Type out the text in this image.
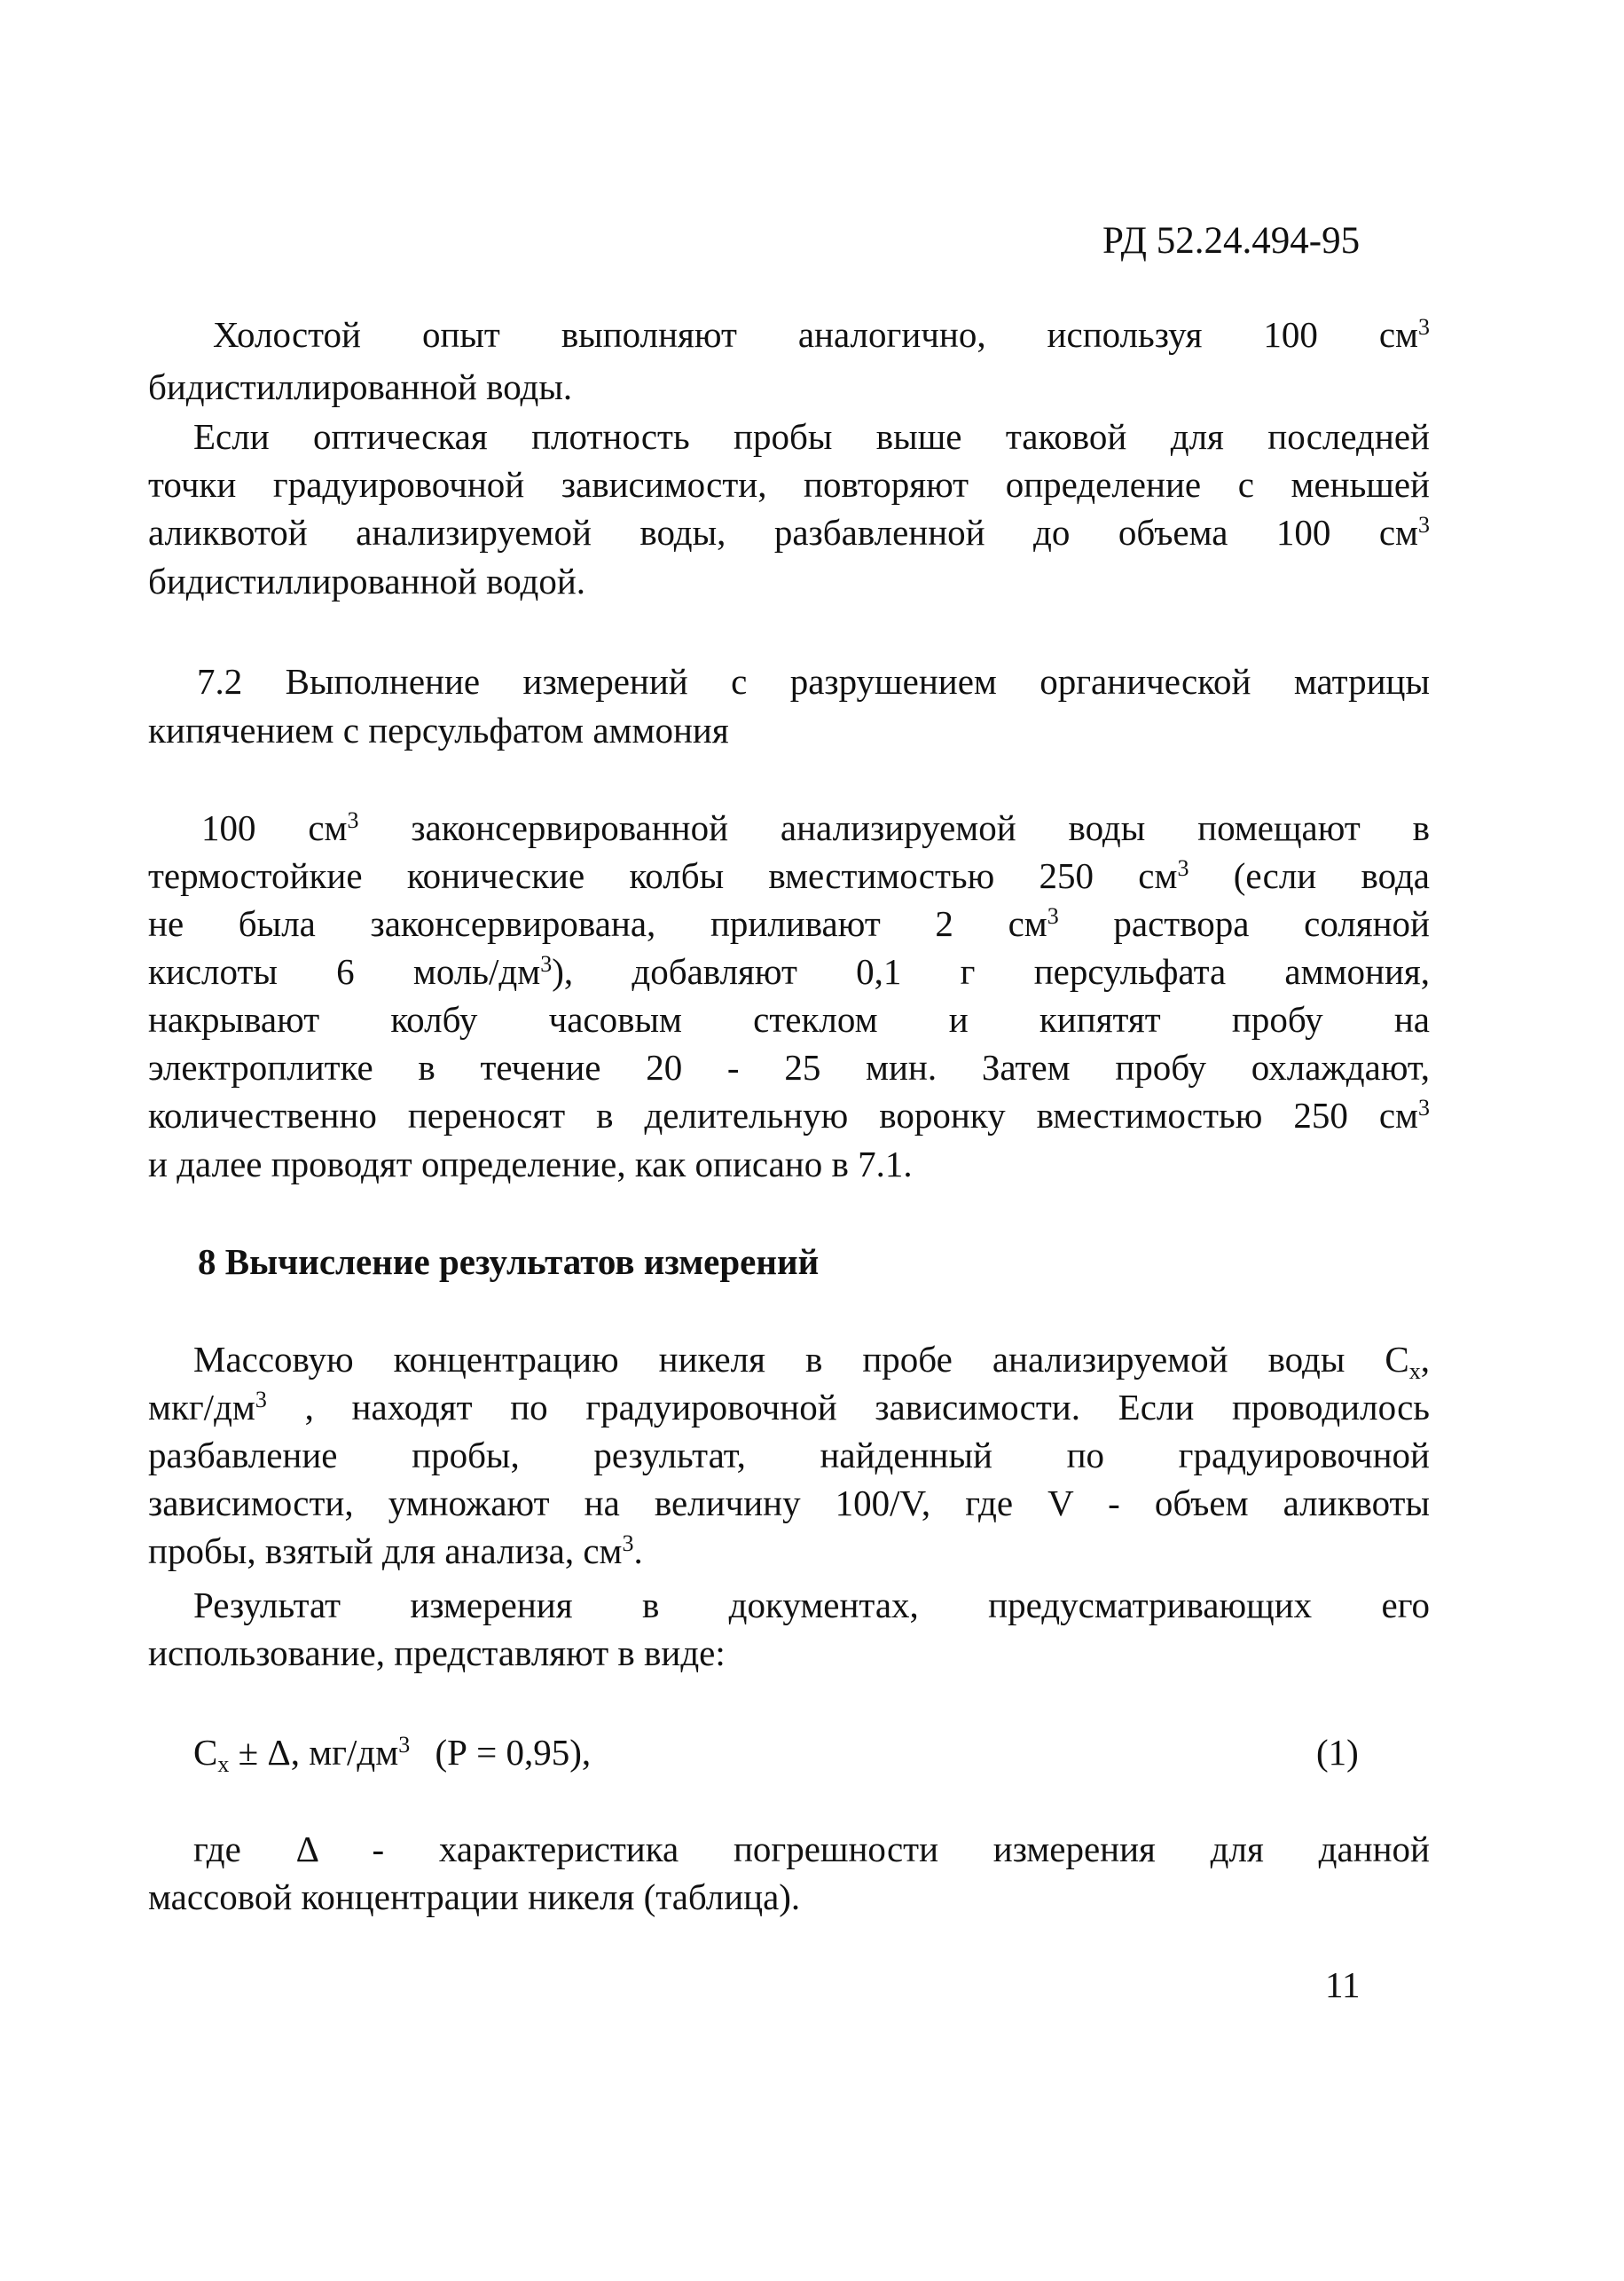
РД 52.24.494-95
Холостой опыт выполняют аналогично, используя 100 $см^3$
бидистиллированной воды.
Если оптическая плотность пробы выше таковой для последней
точки градуировочной зависимости, повторяют определение с меньшей
аликвотой анализируемой воды, разбавленной до объема 100 $см^3$
бидистиллированной водой.
7.2 Выполнение измерений с разрушением органической матрицы
кипячением с персульфатом аммония
100 $см^3$ законсервированной анализируемой воды помещают в
термостойкие конические колбы вместимостью 250 $см^3$ (если вода
не была законсервирована, приливают 2 $см^3$ раствора соляной
кислоты 6 моль/$дм^3$), добавляют 0,1 г персульфата аммония,
накрывают колбу часовым стеклом и кипятят пробу на
электроплитке в течение 20 - 25 мин. Затем пробу охлаждают,
количественно переносят в делительную воронку вместимостью 250 $см^3$
и далее проводят определение, как описано в 7.1.
8 Вычисление результатов измерений
Массовую концентрацию никеля в пробе анализируемой воды $С_x$,
мкг/$дм^3$ , находят по градуировочной зависимости. Если проводилось
разбавление пробы, результат, найденный по градуировочной
зависимости, умножают на величину 100/V, где V - объем аликвоты
пробы, взятый для анализа, $см^3$.
Результат измерения в документах, предусматривающих его
использование, представляют в виде:
$С_x \pm \Delta$, $мг/дм^3$ (Р = 0,95),	(1)
где Δ - характеристика погрешности измерения для данной
массовой концентрации никеля (таблица).
11
